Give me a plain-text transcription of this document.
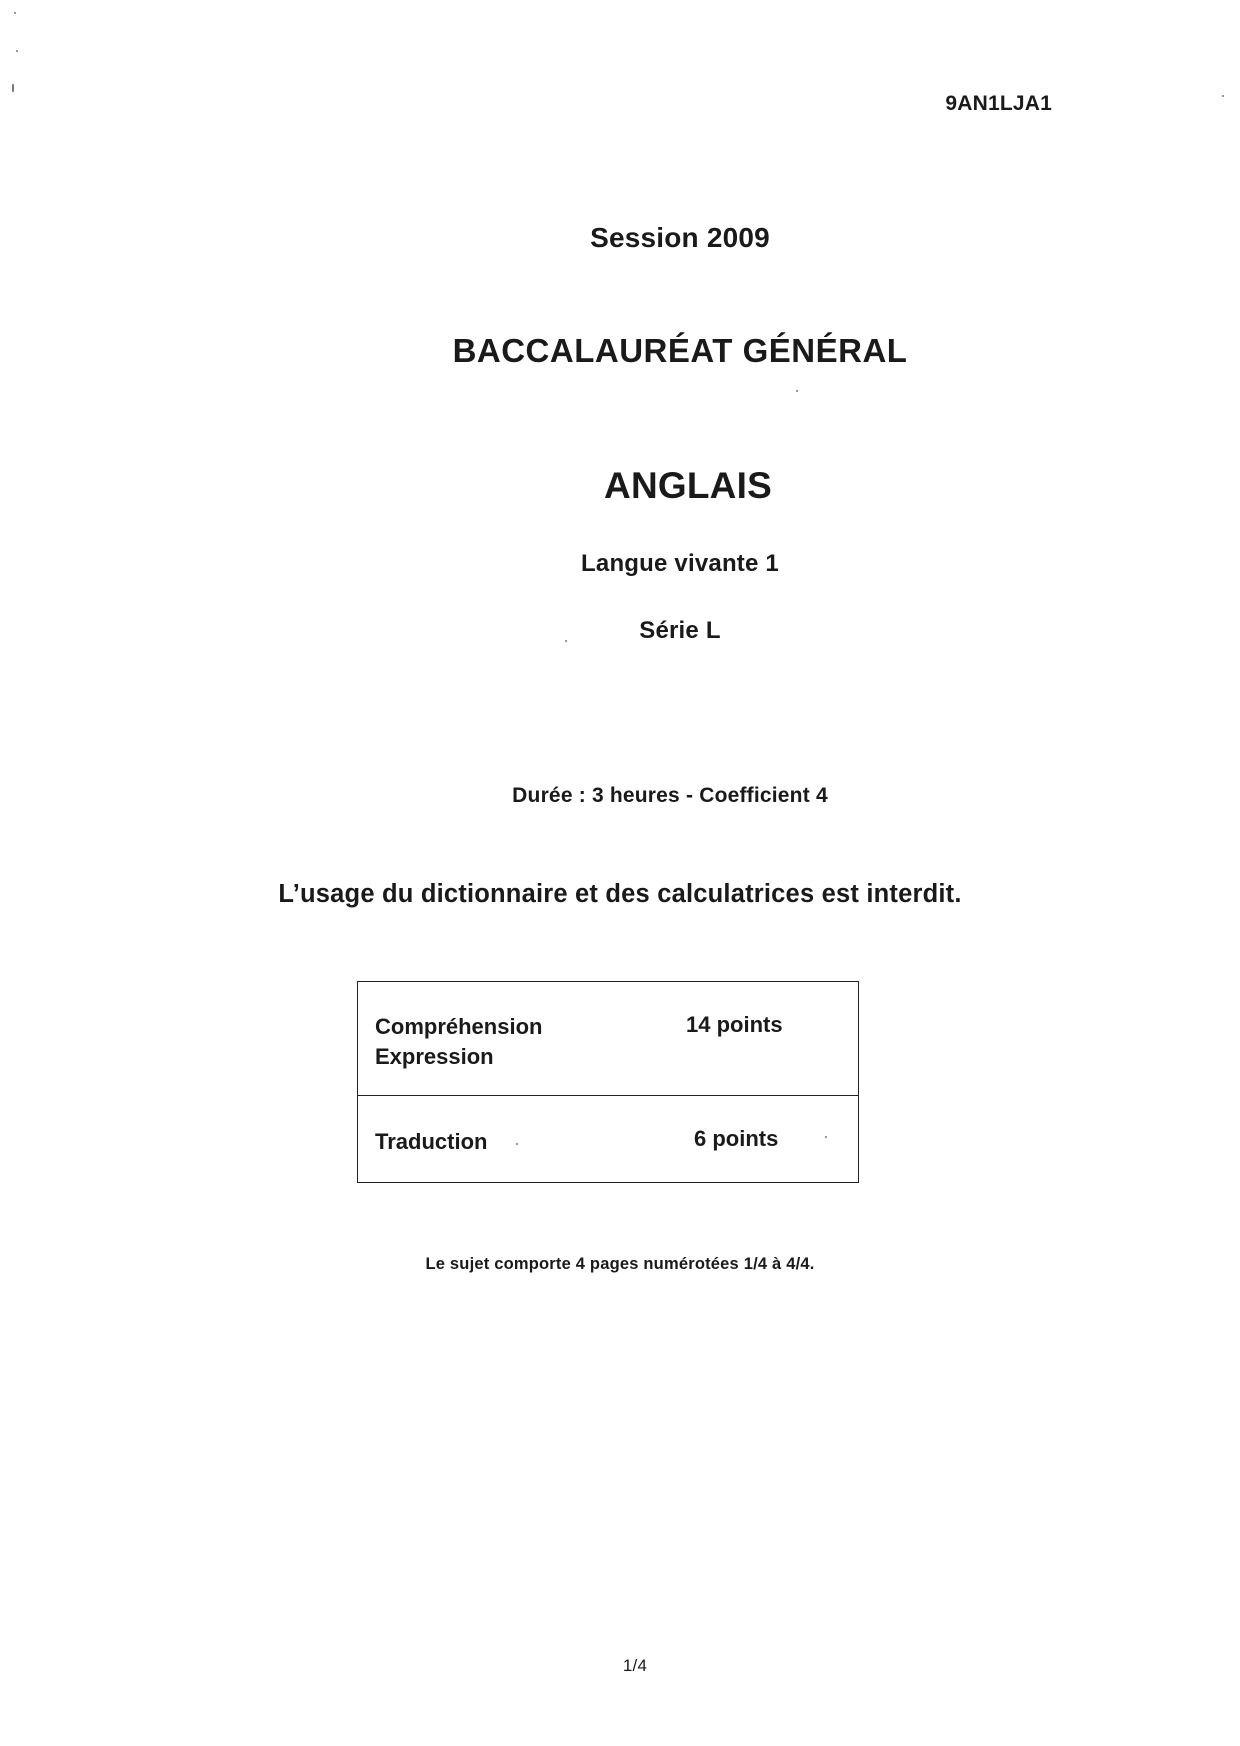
9AN1LJA1
Session 2009
BACCALAURÉAT GÉNÉRAL
ANGLAIS
Langue vivante 1
Série L
Durée : 3 heures - Coefficient 4
L’usage du dictionnaire et des calculatrices est interdit.
Compréhension
Expression
14 points
Traduction	6 points
Le sujet comporte 4 pages numérotées 1/4 à 4/4.
1/4
